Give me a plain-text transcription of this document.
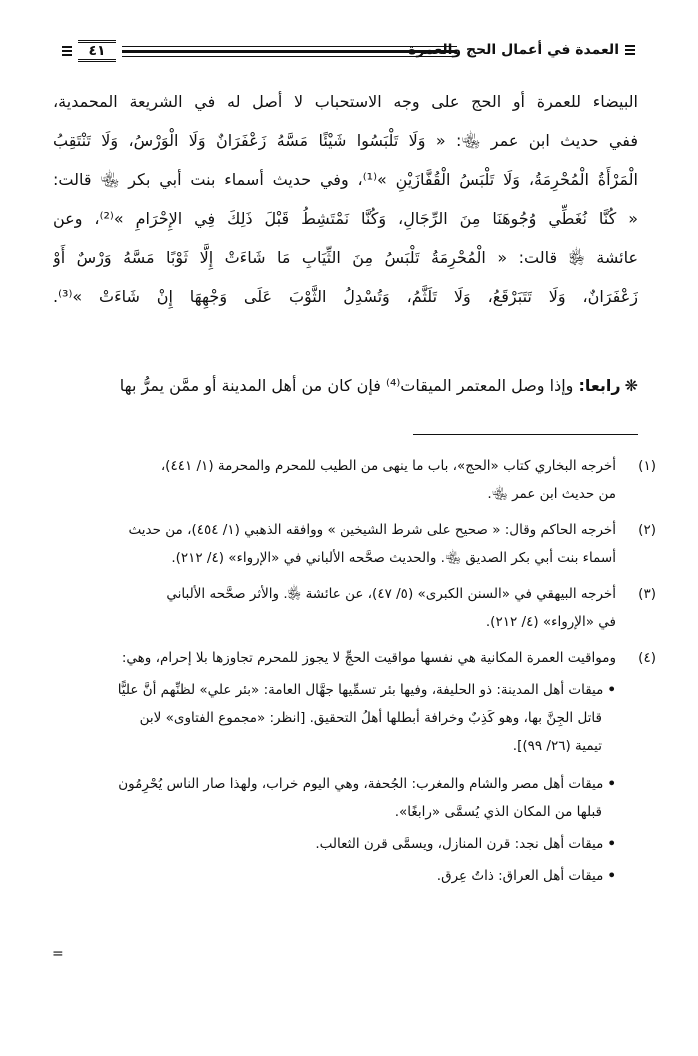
العمدة في أعمال الحج والعمرة
٤١
البيضاء للعمرة أو الحج على وجه الاستحباب لا أصل له في الشريعة المحمدية،
ففي حديث ابن عمر ﵄: « وَلَا تَلْبَسُوا شَيْئًا مَسَّهُ زَعْفَرَانٌ وَلَا الْوَرْسُ، وَلَا تَنْتَقِبُ
الْمَرْأَةُ الْمُحْرِمَةُ، وَلَا تَلْبَسُ الْقُفَّازَيْنِ »⁽¹⁾، وفي حديث أسماء بنت أبي بكر ﵄ قالت:
« كُنَّا نُغَطِّي وُجُوهَنَا مِنَ الرِّجَالِ، وَكُنَّا نَمْتَشِطُ قَبْلَ ذَلِكَ فِي الإِحْرَامِ »⁽²⁾، وعن
عائشة ﵂ قالت: « الْمُحْرِمَةُ تَلْبَسُ مِنَ الثِّيَابِ مَا شَاءَتْ إِلَّا ثَوْبًا مَسَّهُ وَرْسٌ أَوْ
زَعْفَرَانٌ، وَلَا تَتَبَرْقَعُ، وَلَا تَلَثَّمُ، وَتُسْدِلُ الثَّوْبَ عَلَى وَجْهِهَا إِنْ شَاءَتْ »⁽³⁾.
❋رابعا: وإذا وصل المعتمر الميقات⁽⁴⁾ فإن كان من أهل المدينة أو ممَّن يمرُّ بها
(١)
أخرجه البخاري كتاب «الحج»، باب ما ينهى من الطيب للمحرم والمحرمة (١/ ٤٤١)،
من حديث ابن عمر ﵄.
(٢)
أخرجه الحاكم وقال: « صحيح على شرط الشيخين » ووافقه الذهبي (١/ ٤٥٤)، من حديث
أسماء بنت أبي بكر الصديق ﵄. والحديث صحَّحه الألباني في «الإرواء» (٤/ ٢١٢).
(٣)
أخرجه البيهقي في «السنن الكبرى» (٥/ ٤٧)، عن عائشة ﵂. والأثر صحَّحه الألباني
في «الإرواء» (٤/ ٢١٢).
(٤)
ومواقيت العمرة المكانية هي نفسها مواقيت الحجِّ لا يجوز للمحرم تجاوزها بلا إحرام، وهي:
•ميقات أهل المدينة: ذو الحليفة، وفيها بئر تسمِّيها جهَّال العامة: «بئر علي» لظنِّهم أنَّ عليًّا
قاتل الجِنَّ بها، وهو كَذِبٌ وخرافة أبطلها أهلُ التحقيق. [انظر: «مجموع الفتاوى» لابن
تيمية (٢٦/ ٩٩)].
•ميقات أهل مصر والشام والمغرب: الجُحفة، وهي اليوم خراب، ولهذا صار الناس يُحْرِمُون
قبلها من المكان الذي يُسمَّى «رابغًا».
•ميقات أهل نجد: قرن المنازل، ويسمَّى قرن الثعالب.
•ميقات أهل العراق: ذاتُ عِرق.
=
